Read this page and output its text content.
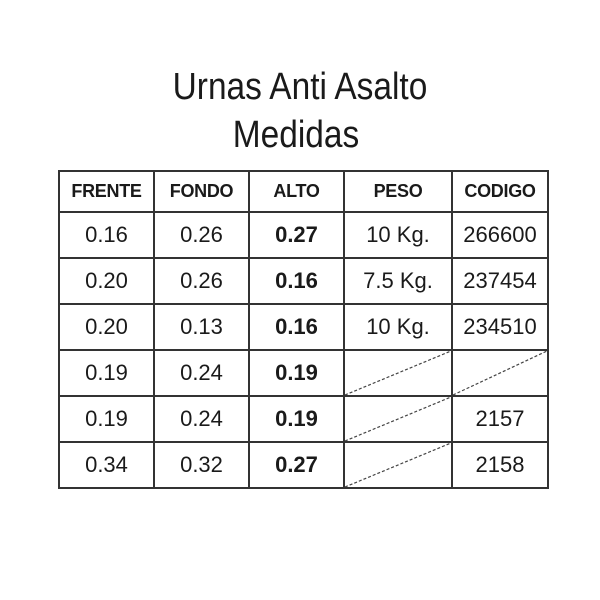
Urnas Anti Asalto
Medidas
FRENTE	FONDO	ALTO	PESO	CODIGO
0.16	0.26	0.27	10 Kg.	266600
0.20	0.26	0.16	7.5 Kg.	237454
0.20	0.13	0.16	10 Kg.	234510
0.19	0.24	0.19	

0.19	0.24	0.19		2157
0.34	0.32	0.27		2158
